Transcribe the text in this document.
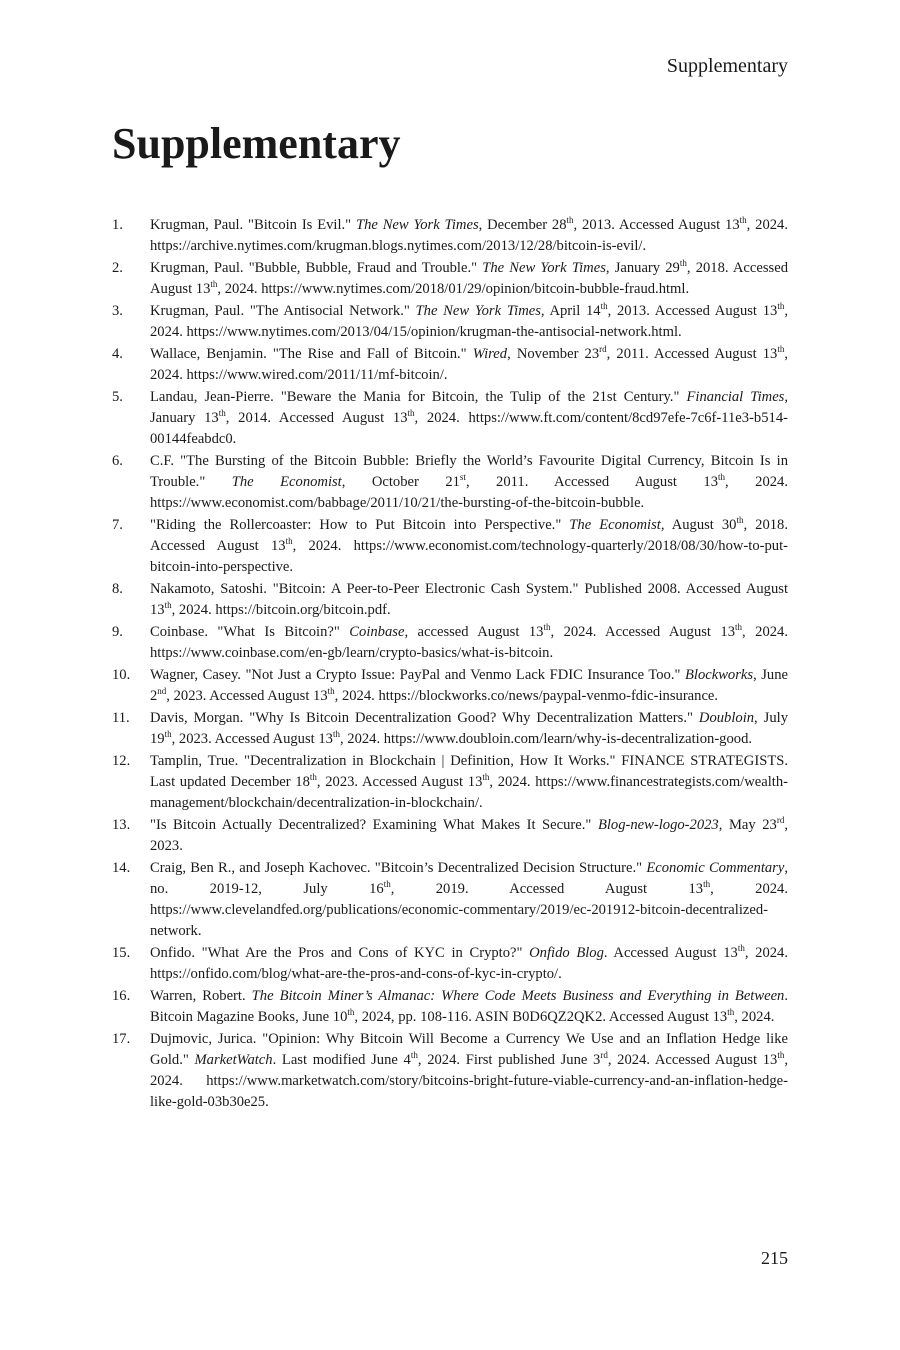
Supplementary
Supplementary
1.	Krugman, Paul. "Bitcoin Is Evil." The New York Times, December 28th, 2013. Accessed August 13th, 2024. https://archive.nytimes.com/krugman.blogs.nytimes.com/2013/12/28/bitcoin-is-evil/.
2.	Krugman, Paul. "Bubble, Bubble, Fraud and Trouble." The New York Times, January 29th, 2018. Accessed August 13th, 2024. https://www.nytimes.com/2018/01/29/opinion/bitcoin-bubble-fraud.html.
3.	Krugman, Paul. "The Antisocial Network." The New York Times, April 14th, 2013. Accessed August 13th, 2024. https://www.nytimes.com/2013/04/15/opinion/krugman-the-antisocial-network.html.
4.	Wallace, Benjamin. "The Rise and Fall of Bitcoin." Wired, November 23rd, 2011. Accessed August 13th, 2024. https://www.wired.com/2011/11/mf-bitcoin/.
5.	Landau, Jean-Pierre. "Beware the Mania for Bitcoin, the Tulip of the 21st Century." Financial Times, January 13th, 2014. Accessed August 13th, 2024. https://www.ft.com/content/8cd97efe-7c6f-11e3-b514-00144feabdc0.
6.	C.F. "The Bursting of the Bitcoin Bubble: Briefly the World’s Favourite Digital Currency, Bitcoin Is in Trouble." The Economist, October 21st, 2011. Accessed August 13th, 2024. https://www.economist.com/babbage/2011/10/21/the-bursting-of-the-bitcoin-bubble.
7.	"Riding the Rollercoaster: How to Put Bitcoin into Perspective." The Economist, August 30th, 2018. Accessed August 13th, 2024. https://www.economist.com/technology-quarterly/2018/08/30/how-to-put-bitcoin-into-perspective.
8.	Nakamoto, Satoshi. "Bitcoin: A Peer-to-Peer Electronic Cash System." Published 2008. Accessed August 13th, 2024. https://bitcoin.org/bitcoin.pdf.
9.	Coinbase. "What Is Bitcoin?" Coinbase, accessed August 13th, 2024. Accessed August 13th, 2024. https://www.coinbase.com/en-gb/learn/crypto-basics/what-is-bitcoin.
10.	Wagner, Casey. "Not Just a Crypto Issue: PayPal and Venmo Lack FDIC Insurance Too." Blockworks, June 2nd, 2023. Accessed August 13th, 2024. https://blockworks.co/news/paypal-venmo-fdic-insurance.
11.	Davis, Morgan. "Why Is Bitcoin Decentralization Good? Why Decentralization Matters." Doubloin, July 19th, 2023. Accessed August 13th, 2024. https://www.doubloin.com/learn/why-is-decentralization-good.
12.	Tamplin, True. "Decentralization in Blockchain | Definition, How It Works." FINANCE STRATEGISTS. Last updated December 18th, 2023. Accessed August 13th, 2024. https://www.financestrategists.com/wealth-management/blockchain/decentralization-in-blockchain/.
13.	"Is Bitcoin Actually Decentralized? Examining What Makes It Secure." Blog-new-logo-2023, May 23rd, 2023.
14.	Craig, Ben R., and Joseph Kachovec. "Bitcoin’s Decentralized Decision Structure." Economic Commentary, no. 2019-12, July 16th, 2019. Accessed August 13th, 2024. https://www.clevelandfed.org/publications/economic-commentary/2019/ec-201912-bitcoin-decentralized-network.
15.	Onfido. "What Are the Pros and Cons of KYC in Crypto?" Onfido Blog. Accessed August 13th, 2024. https://onfido.com/blog/what-are-the-pros-and-cons-of-kyc-in-crypto/.
16.	Warren, Robert. The Bitcoin Miner’s Almanac: Where Code Meets Business and Everything in Between. Bitcoin Magazine Books, June 10th, 2024, pp. 108-116. ASIN B0D6QZ2QK2. Accessed August 13th, 2024.
17.	Dujmovic, Jurica. "Opinion: Why Bitcoin Will Become a Currency We Use and an Inflation Hedge like Gold." MarketWatch. Last modified June 4th, 2024. First published June 3rd, 2024. Accessed August 13th, 2024. https://www.marketwatch.com/story/bitcoins-bright-future-viable-currency-and-an-inflation-hedge-like-gold-03b30e25.
215
